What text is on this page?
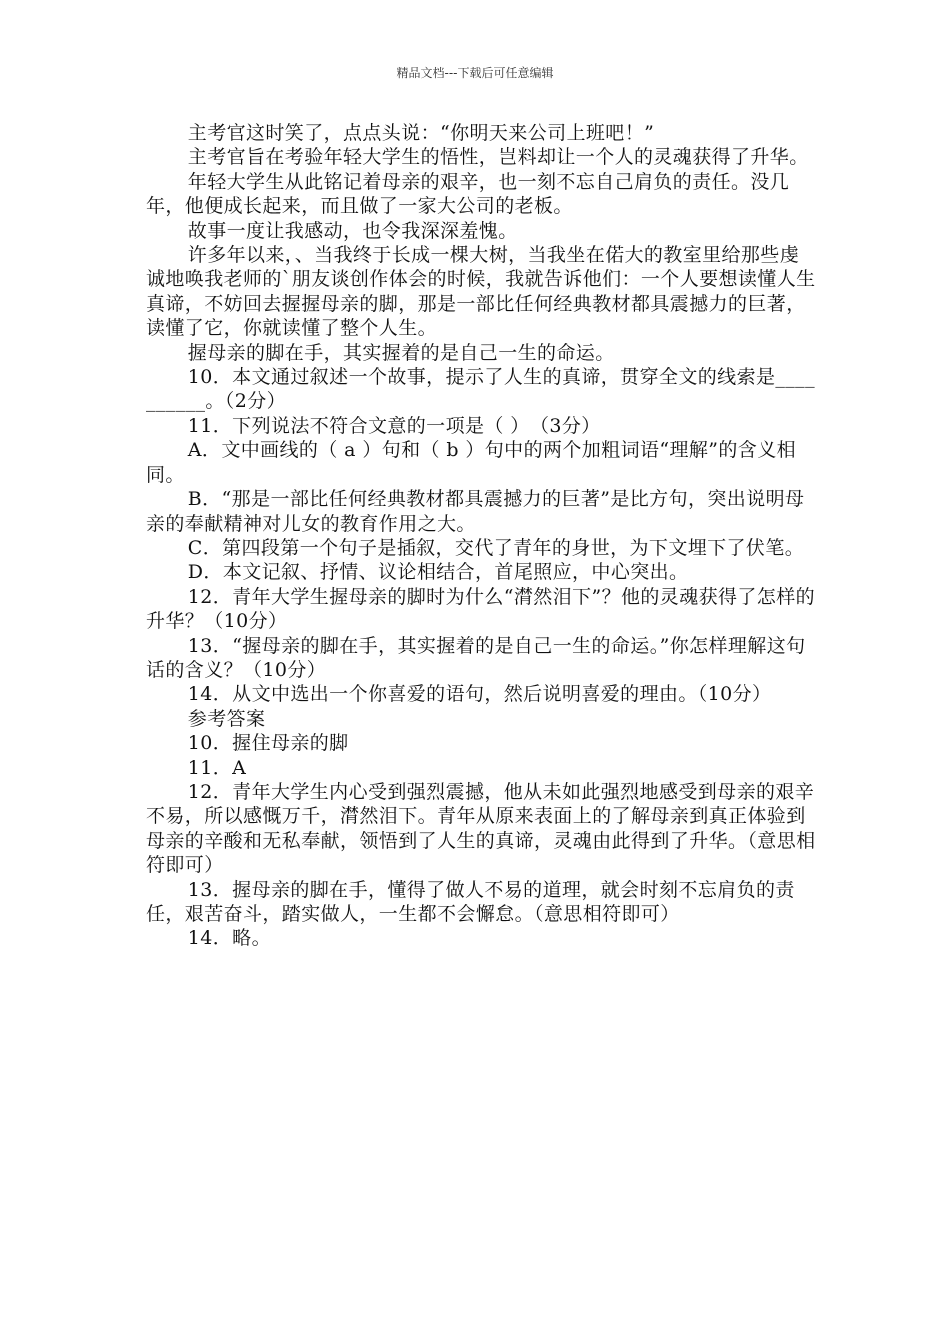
精品文档---下载后可任意编辑

主考官这时笑了，点点头说：“你明天来公司上班吧！”

主考官旨在考验年轻大学生的悟性，岂料却让一个人的灵魂获得了升华。

年轻大学生从此铭记着母亲的艰辛，也一刻不忘自己肩负的责任。没几年，他便成长起来，而且做了一家大公司的老板。

故事一度让我感动，也令我深深羞愧。

许多年以来，、当我终于长成一棵大树，当我坐在偌大的教室里给那些虔诚地唤我老师的`朋友谈创作体会的时候，我就告诉他们：一个人要想读懂人生真谛，不妨回去握握母亲的脚，那是一部比任何经典教材都具震撼力的巨著，读懂了它，你就读懂了整个人生。

握母亲的脚在手，其实握着的是自己一生的命运。

10．本文通过叙述一个故事，提示了人生的真谛，贯穿全文的线索是__________。（2分）

11．下列说法不符合文意的一项是（ ）　（3分）

A．文中画线的（ a ）句和（ b ）句中的两个加粗词语“理解”的含义相同。

B．“那是一部比任何经典教材都具震撼力的巨著”是比方句，突出说明母亲的奉献精神对儿女的教育作用之大。

C．第四段第一个句子是插叙，交代了青年的身世，为下文埋下了伏笔。

D．本文记叙、抒情、议论相结合，首尾照应，中心突出。

12．青年大学生握母亲的脚时为什么“潸然泪下”？他的灵魂获得了怎样的升华？（10分）

13．“握母亲的脚在手，其实握着的是自己一生的命运。”你怎样理解这句话的含义？（10分）

14．从文中选出一个你喜爱的语句，然后说明喜爱的理由。（10分）

参考答案

10．握住母亲的脚

11．A

12．青年大学生内心受到强烈震撼，他从未如此强烈地感受到母亲的艰辛不易，所以感慨万千，潸然泪下。青年从原来表面上的了解母亲到真正体验到母亲的辛酸和无私奉献，领悟到了人生的真谛，灵魂由此得到了升华。（意思相符即可）

13．握母亲的脚在手，懂得了做人不易的道理，就会时刻不忘肩负的责任，艰苦奋斗，踏实做人，一生都不会懈怠。（意思相符即可）

14．略。
